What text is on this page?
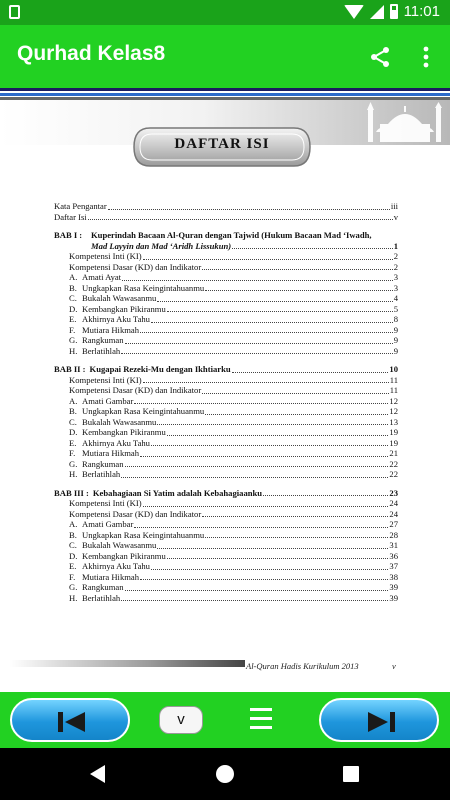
11:01
Qurhad Kelas8
DAFTAR ISI
Kata Pengantar	iii
Daftar Isi	v
BAB I :	Kuperindah Bacaan Al-Quran dengan Tajwid (Hukum Bacaan Mad ‘Iwadh,
Mad Layyin dan Mad ‘Aridh Lissukun)	1
Kompetensi Inti (KI)	2
Kompetensi Dasar (KD) dan Indikator	2
A. Amati Ayat	3
B. Ungkapkan Rasa Keingintahuanmu	3
C. Bukalah Wawasanmu	4
D. Kembangkan Pikiranmu	5
E. Akhirnya Aku Tahu	8
F. Mutiara Hikmah	9
G. Rangkuman	9
H. Berlatihlah	9
BAB II : Kugapai Rezeki-Mu dengan Ikhtiarku	10
Kompetensi Inti (KI)	11
Kompetensi Dasar (KD) dan Indikator	11
A. Amati Gambar	12
B. Ungkapkan Rasa Keingintahuanmu	12
C. Bukalah Wawasanmu	13
D. Kembangkan Pikiranmu	19
E. Akhirnya Aku Tahu	19
F. Mutiara Hikmah	21
G. Rangkuman	22
H. Berlatihlah	22
BAB III : Kebahagiaan Si Yatim adalah Kebahagiaanku	23
Kompetensi Inti (KI)	24
Kompetensi Dasar (KD) dan Indikator	24
A. Amati Gambar	27
B. Ungkapkan Rasa Keingintahuanmu	28
C. Bukalah Wawasanmu	31
D. Kembangkan Pikiranmu	36
E. Akhirnya Aku Tahu	37
F. Mutiara Hikmah	38
G. Rangkuman	39
H. Berlatihlah	39
Al-Quran Hadis Kurikulum 2013	v
v
